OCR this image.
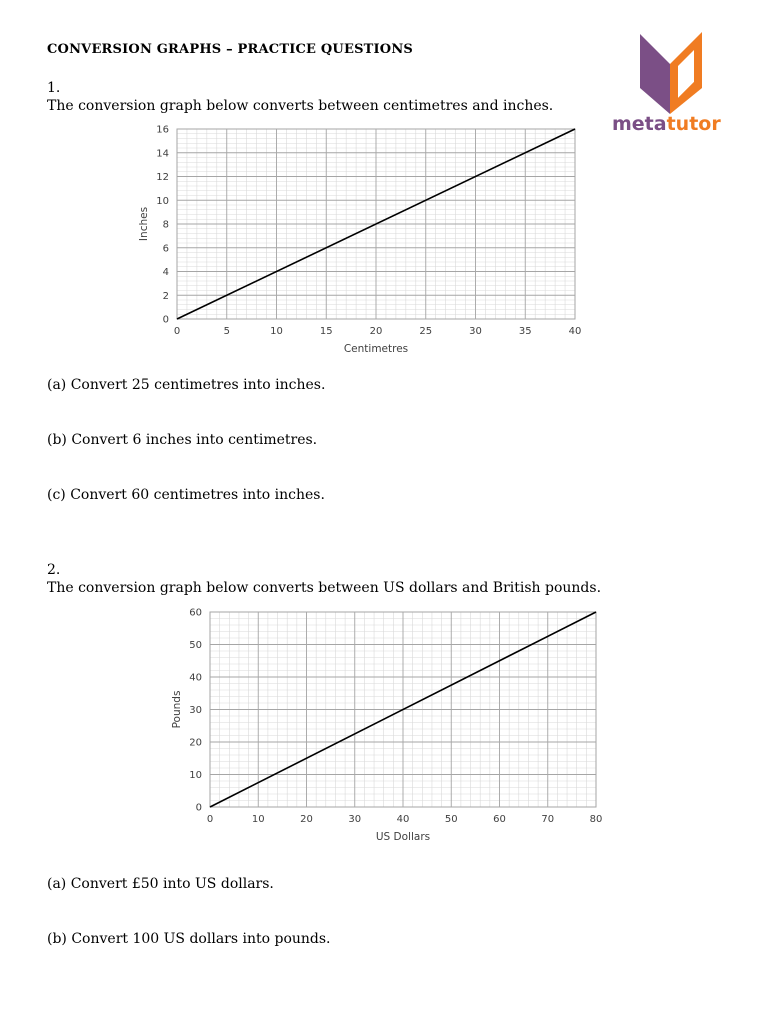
CONVERSION GRAPHS – PRACTICE QUESTIONS
metatutor
1.
The conversion graph below converts between centimetres and inches.
0	5	10	15	20	25	30	35	40
0
2
4
6
8
10
12
14
16
Centimetres
Inches
(a) Convert 25 centimetres into inches.
(b) Convert 6 inches into centimetres.
(c) Convert 60 centimetres into inches.
2.
The conversion graph below converts between US dollars and British pounds.
0	10	20	30	40	50	60	70	80
0
10
20
30
40
50
60
US Dollars
Pounds
(a) Convert £50 into US dollars.
(b) Convert 100 US dollars into pounds.
